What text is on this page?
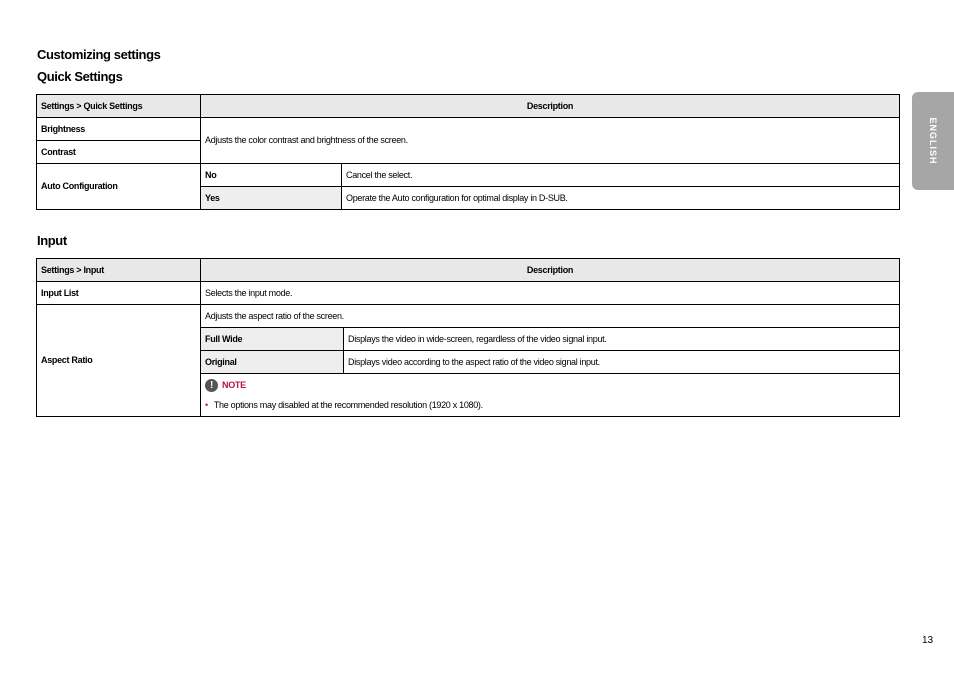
Customizing settings
Quick Settings
Settings > Quick Settings	Description	
Brightness	Adjusts the color contrast and brightness of the screen.	
Contrast		
Auto Configuration	No	Cancel the select.
	Yes	Operate the Auto configuration for optimal display in D-SUB.
Input
Settings > Input	Description	
Input List	Selects the input mode.	
Aspect Ratio	Adjusts the aspect ratio of the screen.	
	Full Wide	Displays the video in wide-screen, regardless of the video signal input.
	Original	Displays video according to the aspect ratio of the video signal input.

! NOTE
• The options may disabled at the recommended resolution (1920 x 1080).	
ENGLISH
13
